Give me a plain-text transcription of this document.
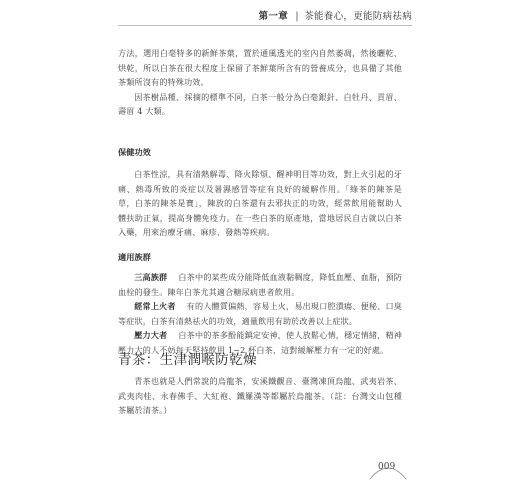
第一章 | 茶能養心，更能防病祛病

方法，選用白毫特多的新鮮茶葉，置於通風透光的室內自然萎凋，然後曬乾、烘乾，所以白茶在很大程度上保留了茶鮮葉所含有的營養成分，也具備了其他茶類所沒有的特殊功效。

因茶樹品種、採摘的標準不同，白茶一般分為白毫銀針、白牡丹、貢眉、壽眉 4 大類。

保健功效

白茶性涼，具有清熱解毒、降火除煩、醒神明目等功效，對上火引起的牙痛、熱毒所致的炎症以及暑濕感冒等症有良好的緩解作用。「綠茶的陳茶是草，白茶的陳茶是寶」，陳放的白茶還有去邪扶正的功效，經常飲用能幫助人體扶助正氣，提高身體免疫力。在一些白茶的原產地，當地居民自古就以白茶入藥，用來治療牙痛、麻疹、發熱等疾病。

適用族群

三高族群 白茶中的某些成分能降低血液黏稠度，降低血壓、血脂，預防血栓的發生。陳年白茶尤其適合糖尿病患者飲用。

經常上火者 有的人體質偏熱，容易上火，易出現口腔潰瘍、便秘、口臭等症狀，白茶有清熱祛火的功效，適量飲用有助於改善以上症狀。

壓力大者 白茶中的茶多酚能鎮定安神，使人放鬆心情，穩定情緒，精神壓力大的人不妨每天堅持飲用 1~2 杯白茶，這對緩解壓力有一定的好處。

青茶：生津潤喉防乾燥

青茶也就是人們常說的烏龍茶，安溪鐵觀音、臺灣凍頂烏龍、武夷岩茶、武夷肉桂、永春佛手、大紅袍、鐵羅漢等都屬於烏龍茶。（註：台灣文山包種茶屬於清茶。）

009
